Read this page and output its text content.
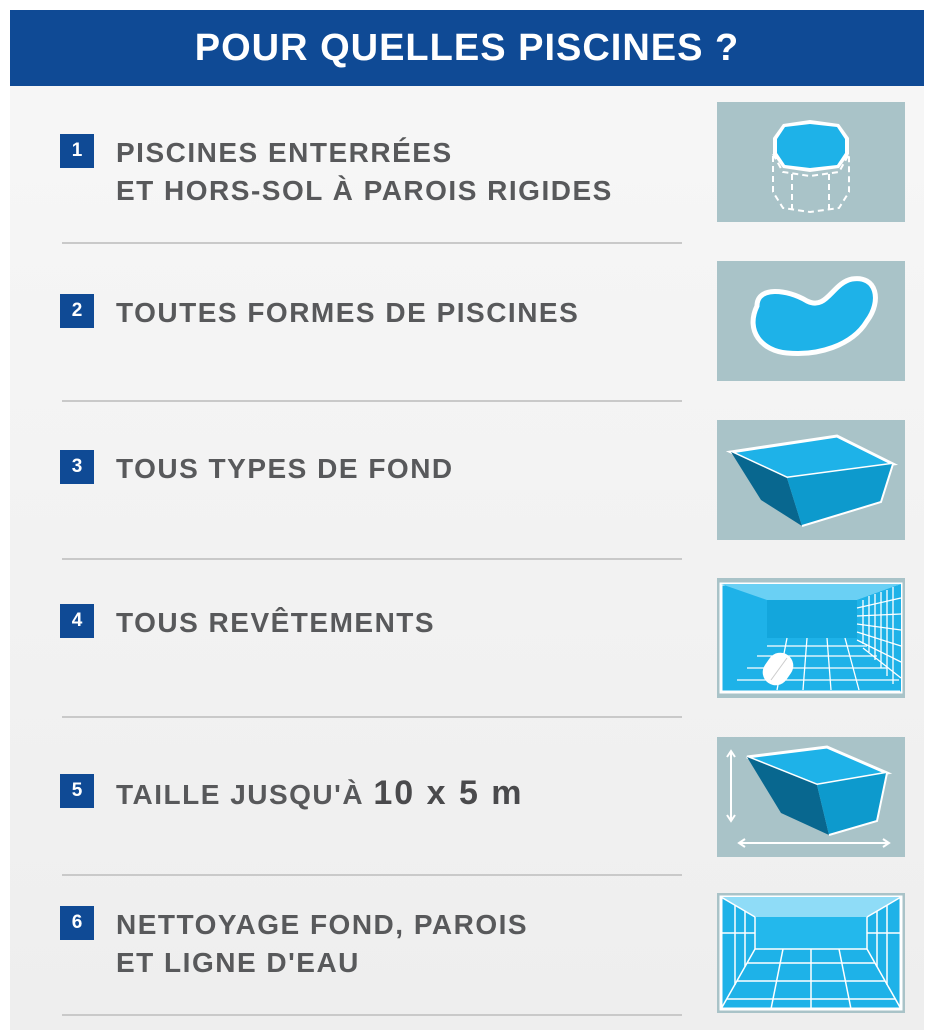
POUR QUELLES PISCINES ?
1	PISCINES ENTERRÉES
ET HORS-SOL À PAROIS RIGIDES
2	TOUTES FORMES DE PISCINES
3	TOUS TYPES DE FOND
4	TOUS REVÊTEMENTS
5	TAILLE JUSQU'À 10 x 5 m
6	NETTOYAGE FOND, PAROIS
ET LIGNE D'EAU
